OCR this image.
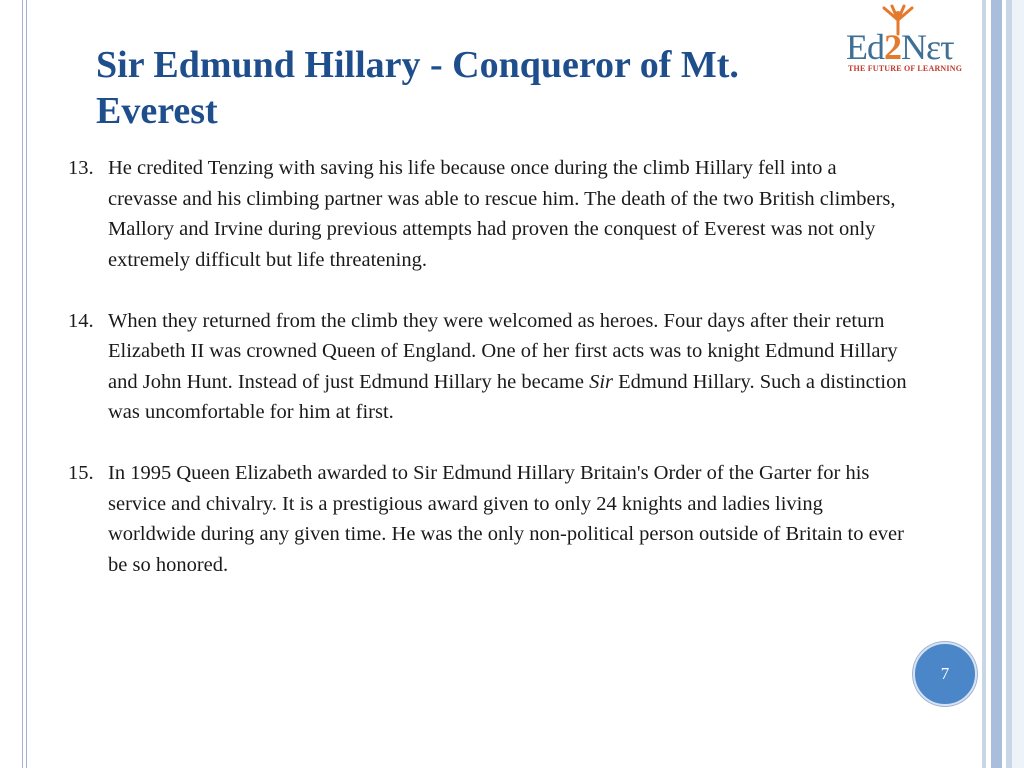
Sir Edmund Hillary - Conqueror of Mt. Everest
Ed2Nετ
THE FUTURE OF LEARNING
13. He credited Tenzing with saving his life because once during the climb Hillary fell into a crevasse and his climbing partner was able to rescue him. The death of the two British climbers, Mallory and Irvine during previous attempts had proven the conquest of Everest was not only extremely difficult but life threatening.
14. When they returned from the climb they were welcomed as heroes. Four days after their return Elizabeth II was crowned Queen of England. One of her first acts was to knight Edmund Hillary and John Hunt. Instead of just Edmund Hillary he became Sir Edmund Hillary. Such a distinction was uncomfortable for him at first.
15. In 1995 Queen Elizabeth awarded to Sir Edmund Hillary Britain's Order of the Garter for his service and chivalry. It is a prestigious award given to only 24 knights and ladies living worldwide during any given time. He was the only non-political person outside of Britain to ever be so honored.
7
